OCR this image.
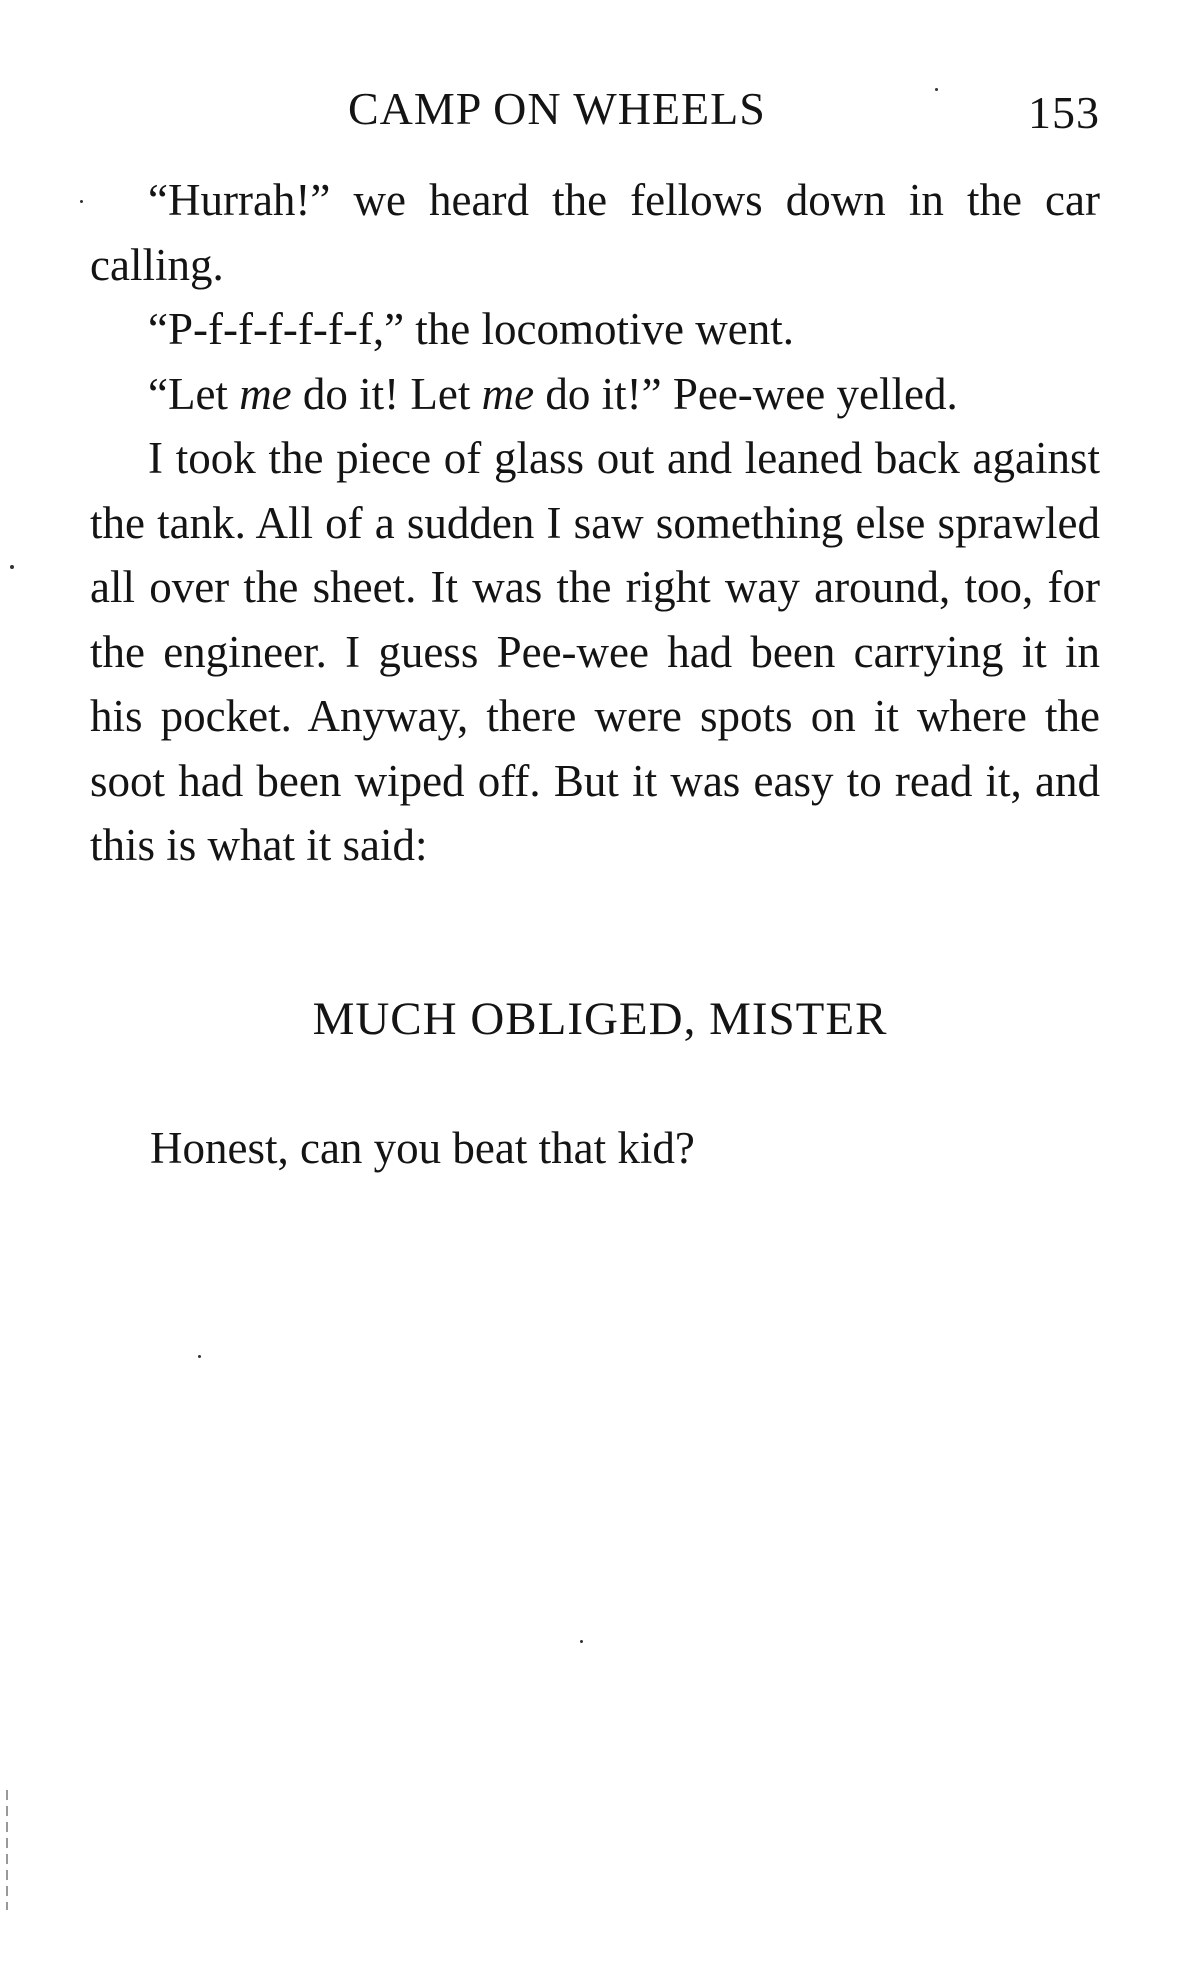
CAMP ON WHEELS	153

“Hurrah!” we heard the fellows down in the car calling.

“P-f-f-f-f-f-f,” the locomotive went.

“Let me do it! Let me do it!” Pee-wee yelled.

I took the piece of glass out and leaned back against the tank. All of a sudden I saw something else sprawled all over the sheet. It was the right way around, too, for the engineer. I guess Pee-wee had been carrying it in his pocket. Anyway, there were spots on it where the soot had been wiped off. But it was easy to read it, and this is what it said:

MUCH OBLIGED, MISTER
Honest, can you beat that kid?
